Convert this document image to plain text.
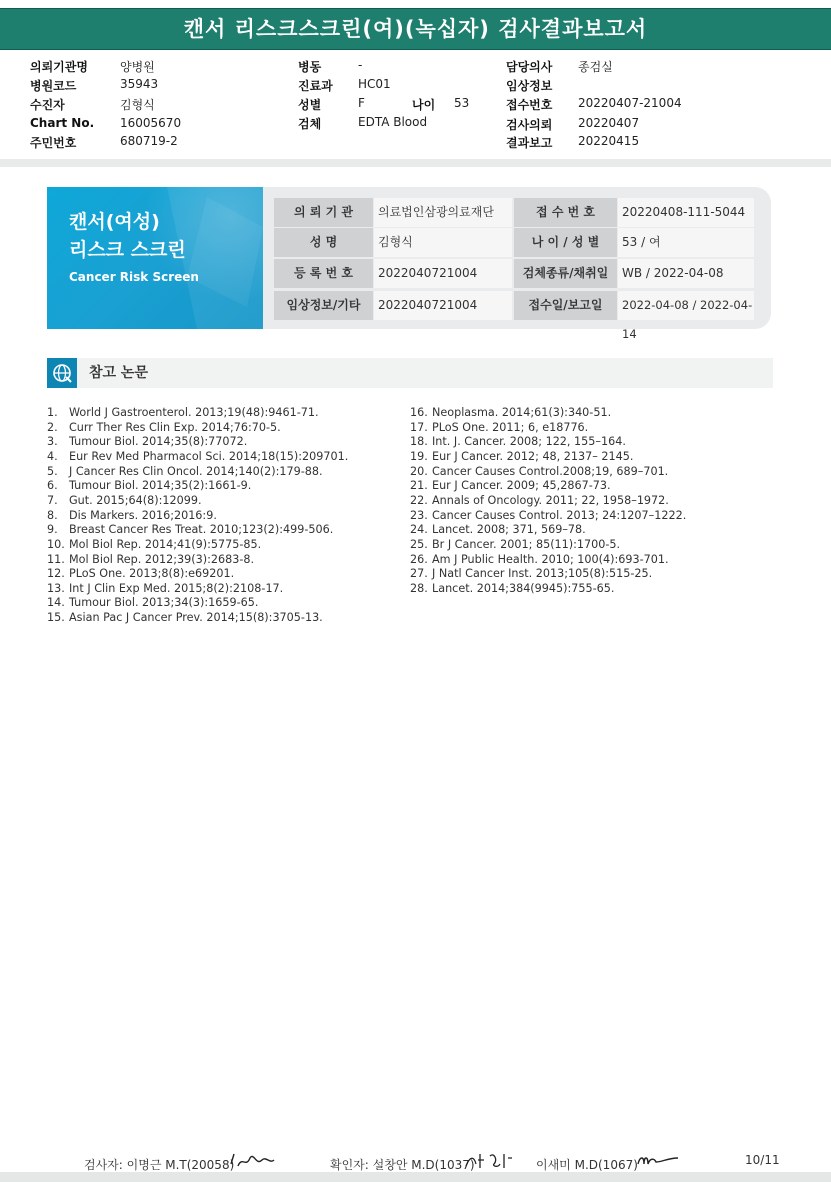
캔서 리스크스크린(여)(녹십자) 검사결과보고서
의뢰기관명	양병원
병원코드	35943
수진자	김형식
Chart No. 16005670
주민번호	680719-2
병동	-
진료과 HC01
성별	F	나이 53
검체	EDTA Blood
담당의사 종검실
임상정보
접수번호 20220407-21004
검사의뢰 20220407
결과보고 20220415
캔서(여성)
리스크 스크린
Cancer Risk Screen
의 뢰 기 관	의료법인삼광의료재단	접 수 번 호	20220408-111-5044
성 명	김형식	나 이 / 성 별	53 / 여
등 록 번 호	2022040721004	검체종류/채취일	WB / 2022-04-08
임상정보/기타	2022040721004	접수일/보고일	2022-04-08 / 2022-04-14
참고 논문
1. World J Gastroenterol. 2013;19(48):9461-71.
2. Curr Ther Res Clin Exp. 2014;76:70-5.
3. Tumour Biol. 2014;35(8):77072.
4. Eur Rev Med Pharmacol Sci. 2014;18(15):209701.
5. J Cancer Res Clin Oncol. 2014;140(2):179-88.
6. Tumour Biol. 2014;35(2):1661-9.
7. Gut. 2015;64(8):12099.
8. Dis Markers. 2016;2016:9.
9. Breast Cancer Res Treat. 2010;123(2):499-506.
10. Mol Biol Rep. 2014;41(9):5775-85.
11. Mol Biol Rep. 2012;39(3):2683-8.
12. PLoS One. 2013;8(8):e69201.
13. Int J Clin Exp Med. 2015;8(2):2108-17.
14. Tumour Biol. 2013;34(3):1659-65.
15. Asian Pac J Cancer Prev. 2014;15(8):3705-13.
16. Neoplasma. 2014;61(3):340-51.
17. PLoS One. 2011; 6, e18776.
18. Int. J. Cancer. 2008; 122, 155–164.
19. Eur J Cancer. 2012; 48, 2137– 2145.
20. Cancer Causes Control.2008;19, 689–701.
21. Eur J Cancer. 2009; 45,2867-73.
22. Annals of Oncology. 2011; 22, 1958–1972.
23. Cancer Causes Control. 2013; 24:1207–1222.
24. Lancet. 2008; 371, 569–78.
25. Br J Cancer. 2001; 85(11):1700-5.
26. Am J Public Health. 2010; 100(4):693-701.
27. J Natl Cancer Inst. 2013;105(8):515-25.
28. Lancet. 2014;384(9945):755-65.
검사자: 이명근 M.T(20058)	확인자: 설창안 M.D(1037)	이새미 M.D(1067)	10/11
